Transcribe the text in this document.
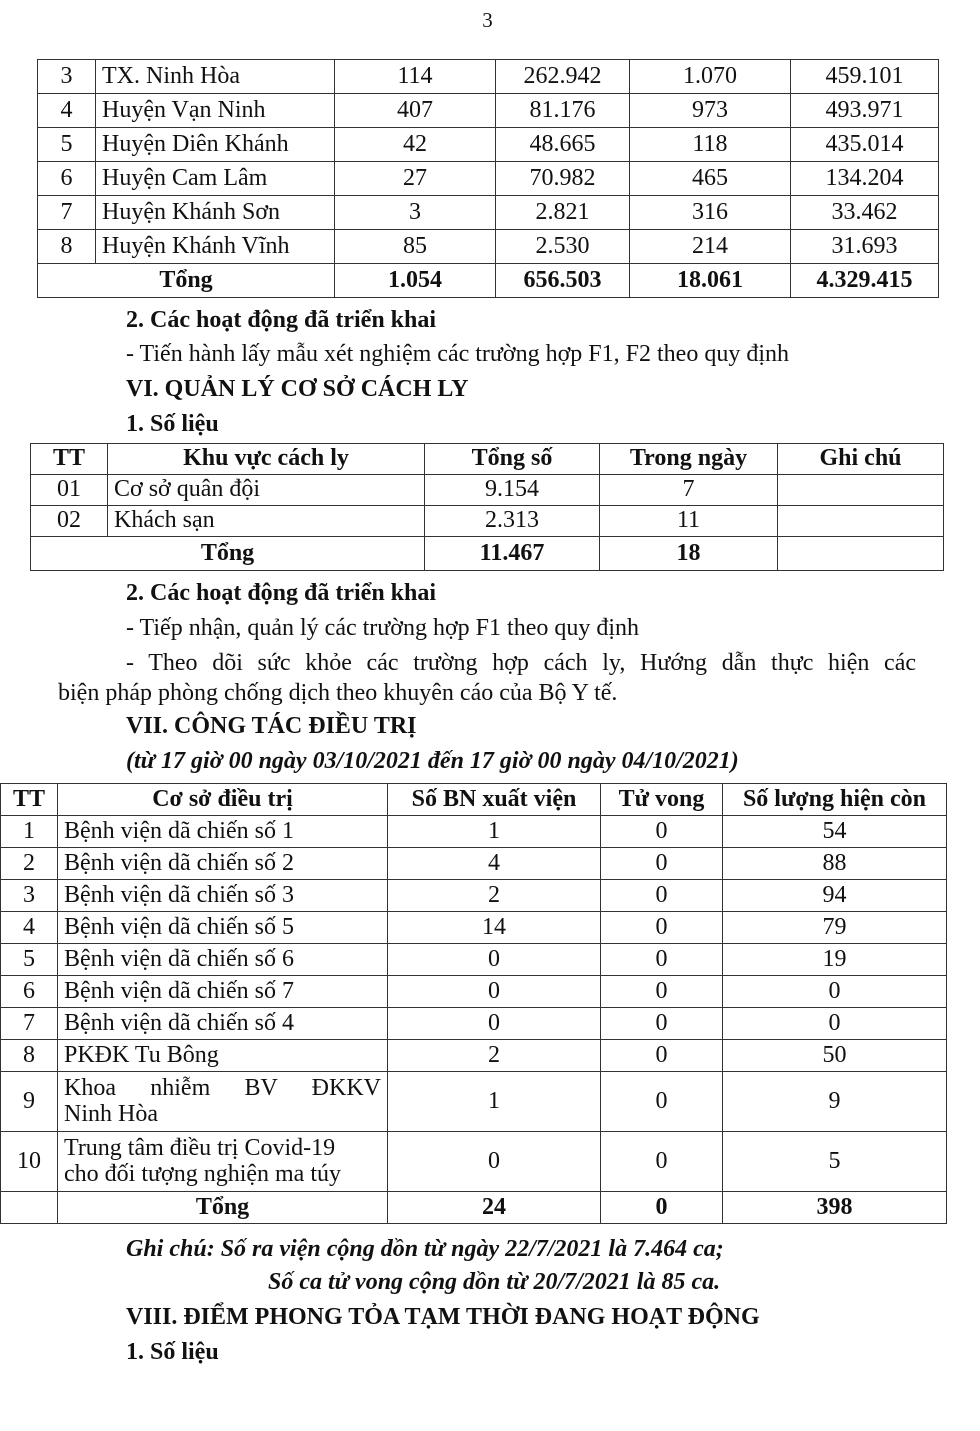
3
3	TX. Ninh Hòa	114	262.942	1.070	459.101
4	Huyện Vạn Ninh	407	81.176	973	493.971
5	Huyện Diên Khánh	42	48.665	118	435.014
6	Huyện Cam Lâm	27	70.982	465	134.204
7	Huyện Khánh Sơn	3	2.821	316	33.462
8	Huyện Khánh Vĩnh	85	2.530	214	31.693
Tổng		1.054	656.503	18.061	4.329.415
2. Các hoạt động đã triển khai
- Tiến hành lấy mẫu xét nghiệm các trường hợp F1, F2 theo quy định
VI. QUẢN LÝ CƠ SỞ CÁCH LY
1. Số liệu
TT	Khu vực cách ly	Tổng số	Trong ngày	Ghi chú
01	Cơ sở quân đội	9.154	7	
02	Khách sạn	2.313	11	
Tổng		11.467	18	
2. Các hoạt động đã triển khai
- Tiếp nhận, quản lý các trường hợp F1 theo quy định
- Theo dõi sức khỏe các trường hợp cách ly, Hướng dẫn thực hiện các
biện pháp phòng chống dịch theo khuyên cáo của Bộ Y tế.
VII. CÔNG TÁC ĐIỀU TRỊ
(từ 17 giờ 00 ngày 03/10/2021 đến 17 giờ 00 ngày 04/10/2021)
TT	Cơ sở điều trị	Số BN xuất viện	Tử vong	Số lượng hiện còn
1	Bệnh viện dã chiến số 1	1	0	54
2	Bệnh viện dã chiến số 2	4	0	88
3	Bệnh viện dã chiến số 3	2	0	94
4	Bệnh viện dã chiến số 5	14	0	79
5	Bệnh viện dã chiến số 6	0	0	19
6	Bệnh viện dã chiến số 7	0	0	0
7	Bệnh viện dã chiến số 4	0	0	0
8	PKĐK Tu Bông	2	0	50
9	Khoa nhiễm BV ĐKKV
Ninh Hòa	1	0	9
10	Trung tâm điều trị Covid-19
cho đối tượng nghiện ma túy	0	0	5
	Tổng	24	0	398
Ghi chú: Số ra viện cộng dồn từ ngày 22/7/2021 là 7.464 ca;
Số ca tử vong cộng dồn từ 20/7/2021 là 85 ca.
VIII. ĐIỂM PHONG TỎA TẠM THỜI ĐANG HOẠT ĐỘNG
1. Số liệu
